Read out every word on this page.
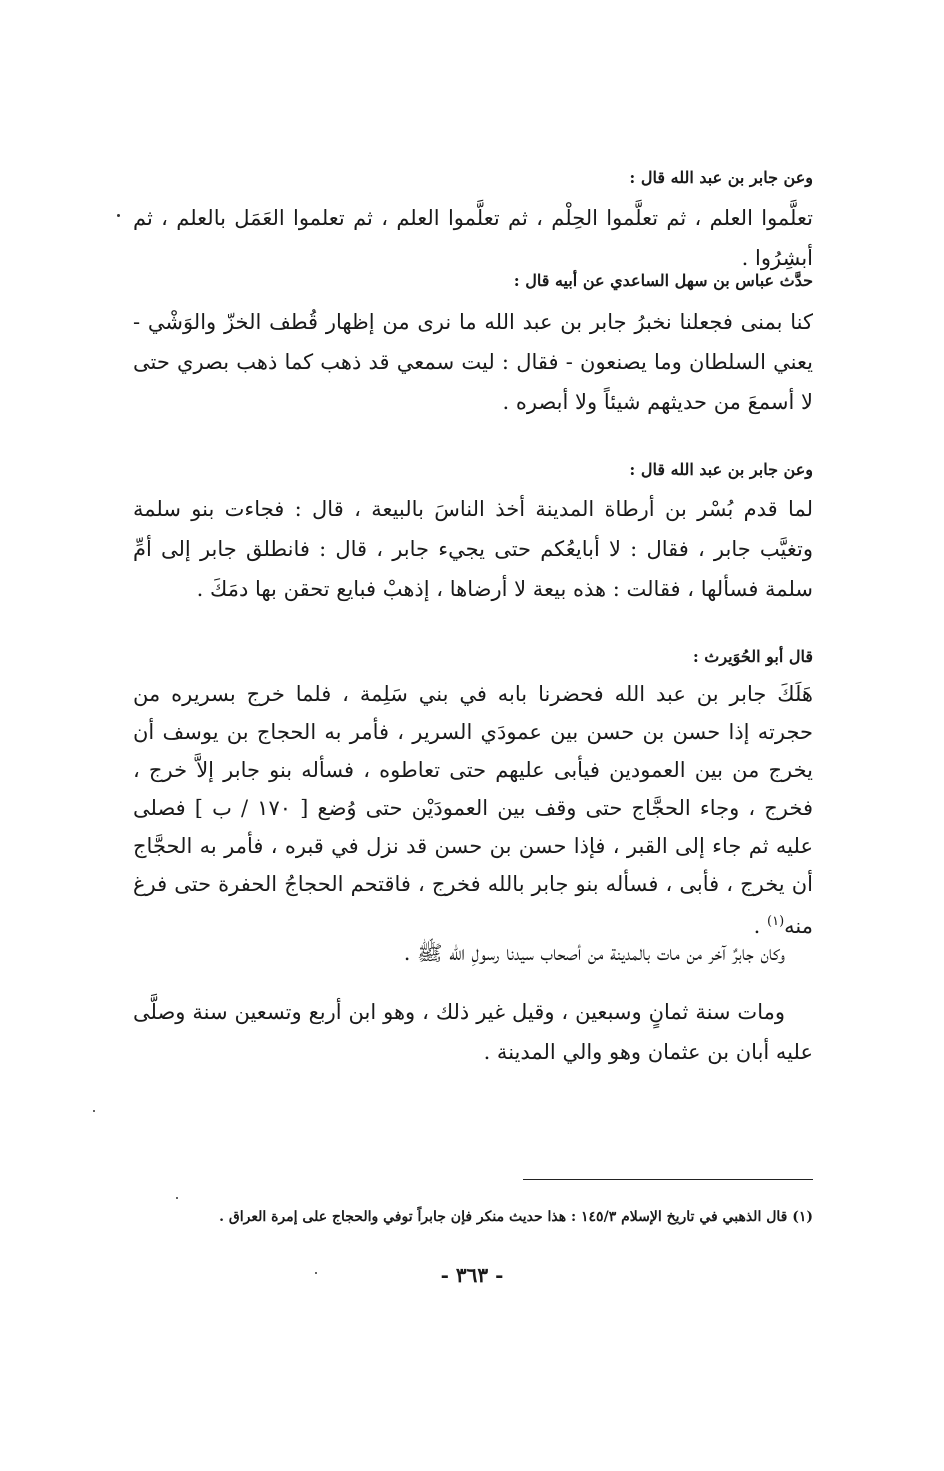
وعن جابر بن عبد الله قال :

تعلَّموا العلم ، ثم تعلَّموا الحِلْم ، ثم تعلَّموا العلم ، ثم تعلموا العَمَل بالعلم ، ثم أبشِرُوا .

حدَّث عباس بن سهل الساعدي عن أبيه قال :

كنا بمنى فجعلنا نخبرُ جابر بن عبد الله ما نرى من إظهار قُطف الخزّ والوَشْي - يعني السلطان وما يصنعون - فقال : ليت سمعي قد ذهب كما ذهب بصري حتى لا أسمعَ من حديثهم شيئاً ولا أبصره .

وعن جابر بن عبد الله قال :

لما قدم بُسْر بن أرطاة المدينة أخذ الناسَ بالبيعة ، قال : فجاءت بنو سلمة وتغيَّب جابر ، فقال : لا أبايعُكم حتى يجيء جابر ، قال : فانطلق جابر إلى أمِّ سلمة فسألها ، فقالت : هذه بيعة لا أرضاها ، إذهبْ فبايع تحقن بها دمَكَ .

قال أبو الحُوَيرث :

هَلَكَ جابر بن عبد الله فحضرنا بابه في بني سَلِمة ، فلما خرج بسريره من حجرته إذا حسن بن حسن بين عمودَي السرير ، فأمر به الحجاج بن يوسف أن يخرج من بين العمودين فيأبى عليهم حتى تعاطوه ، فسأله بنو جابر إلاَّ خرج ، فخرج ، وجاء الحجَّاج حتى وقف بين العمودَيْن حتى وُضع [ ١٧٠ / ب ] فصلى عليه ثم جاء إلى القبر ، فإذا حسن بن حسن قد نزل في قبره ، فأمر به الحجَّاج أن يخرج ، فأبى ، فسأله بنو جابر بالله فخرج ، فاقتحم الحجاجُ الحفرة حتى فرغ منه$^{(١)}$ .

وكان جابرٌ آخر من مات بالمدينة من أصحاب سيدنا رسولِ الله ﷺ .

ومات سنة ثمانٍ وسبعين ، وقيل غير ذلك ، وهو ابن أربع وتسعين سنة وصلَّى عليه أبان بن عثمان وهو والي المدينة .

(١) قال الذهبي في تاريخ الإسلام ١٤٥/٣ : هذا حديث منكر فإن جابراً توفي والحجاج على إمرة العراق .
- ٣٦٣ -
